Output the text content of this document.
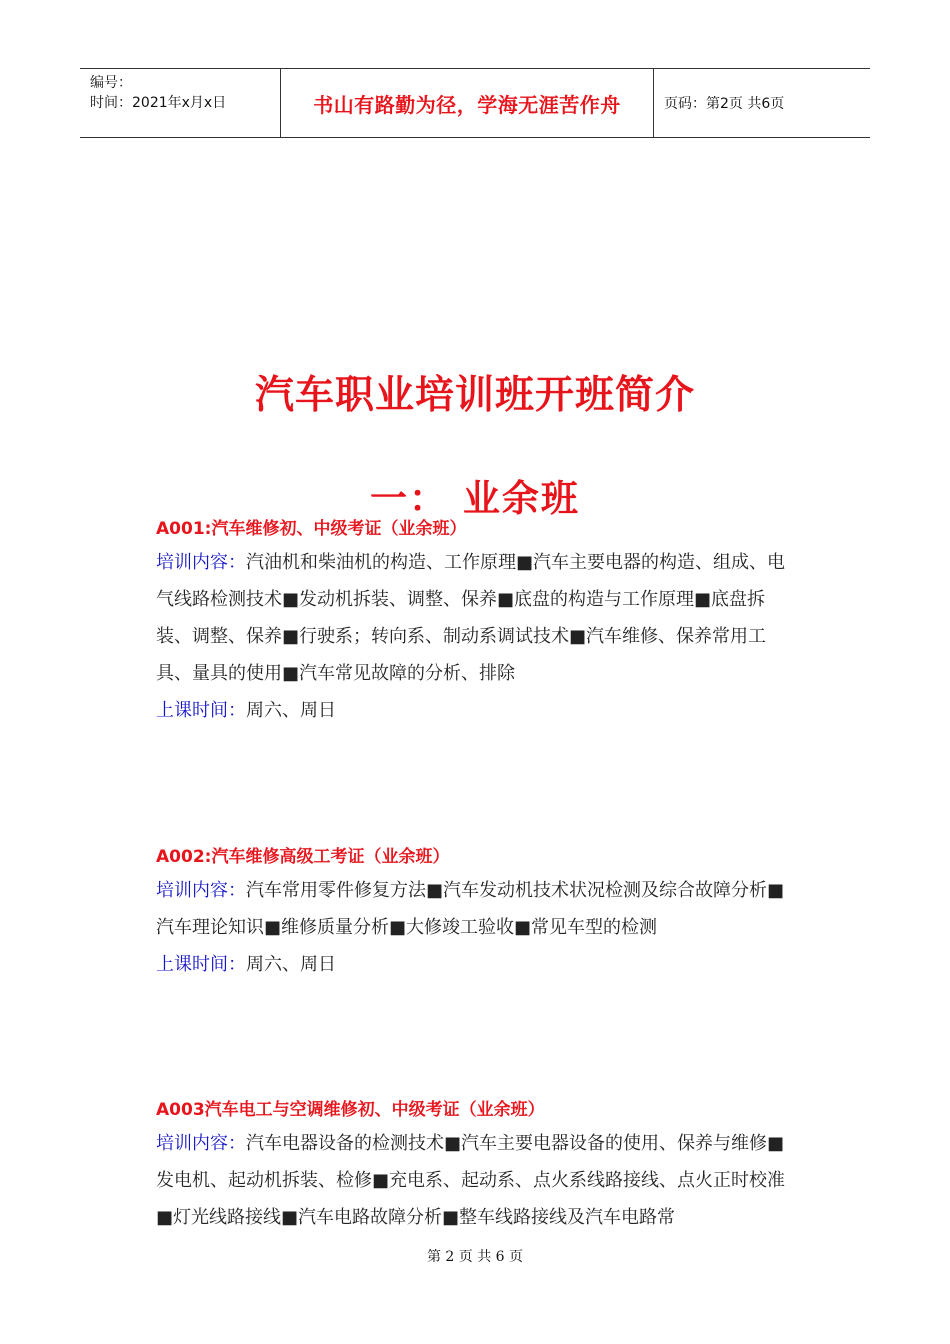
编号：
时间：2021年x月x日	书山有路勤为径，学海无涯苦作舟	页码：第2页 共6页
汽车职业培训班开班简介
一： 业余班
A001:汽车维修初、中级考证（业余班）

培训内容：汽油机和柴油机的构造、工作原理■汽车主要电器的构造、组成、电气线路检测技术■发动机拆装、调整、保养■底盘的构造与工作原理■底盘拆装、调整、保养■行驶系；转向系、制动系调试技术■汽车维修、保养常用工具、量具的使用■汽车常见故障的分析、排除

上课时间：周六、周日

A002:汽车维修高级工考证（业余班）

培训内容：汽车常用零件修复方法■汽车发动机技术状况检测及综合故障分析■汽车理论知识■维修质量分析■大修竣工验收■常见车型的检测

上课时间：周六、周日

A003汽车电工与空调维修初、中级考证（业余班）

培训内容：汽车电器设备的检测技术■汽车主要电器设备的使用、保养与维修■发电机、起动机拆装、检修■充电系、起动系、点火系线路接线、点火正时校准■灯光线路接线■汽车电路故障分析■整车线路接线及汽车电路常

第 2 页 共 6 页
